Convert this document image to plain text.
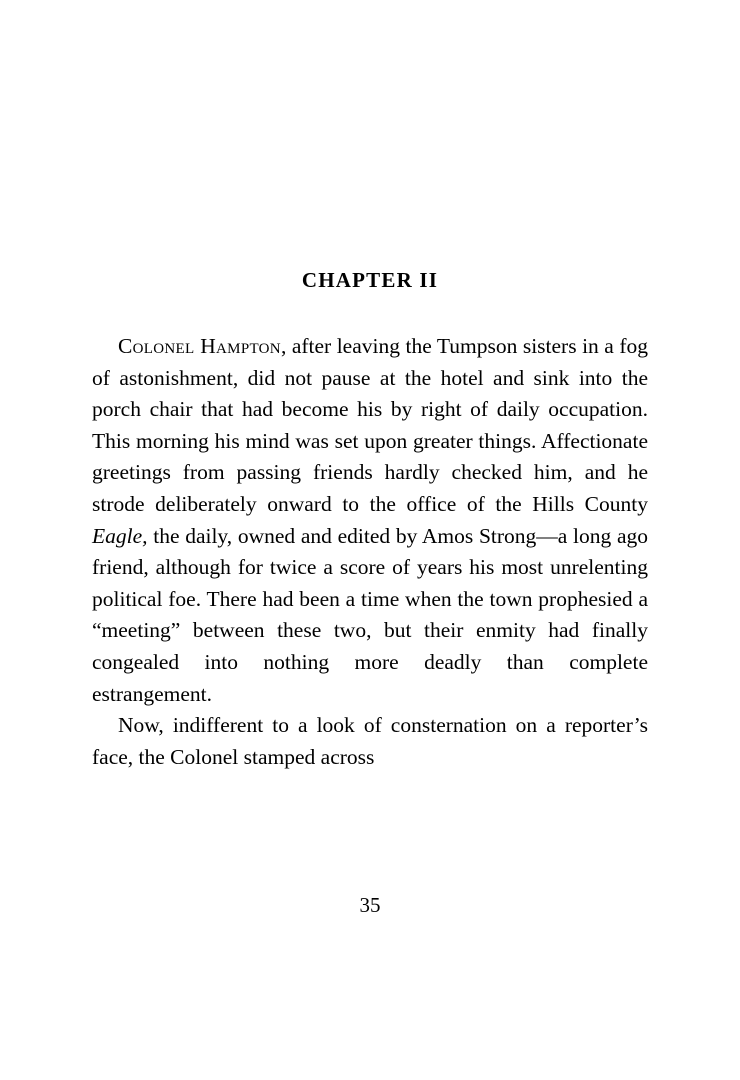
CHAPTER II

Colonel Hampton, after leaving the Tumpson sisters in a fog of astonishment, did not pause at the hotel and sink into the porch chair that had become his by right of daily occupation. This morning his mind was set upon greater things. Affectionate greetings from passing friends hardly checked him, and he strode deliberately onward to the office of the Hills County Eagle, the daily, owned and edited by Amos Strong—a long ago friend, although for twice a score of years his most unrelenting political foe. There had been a time when the town prophesied a “meeting” between these two, but their enmity had finally congealed into nothing more deadly than complete estrangement.

Now, indifferent to a look of consternation on a reporter’s face, the Colonel stamped across

35
